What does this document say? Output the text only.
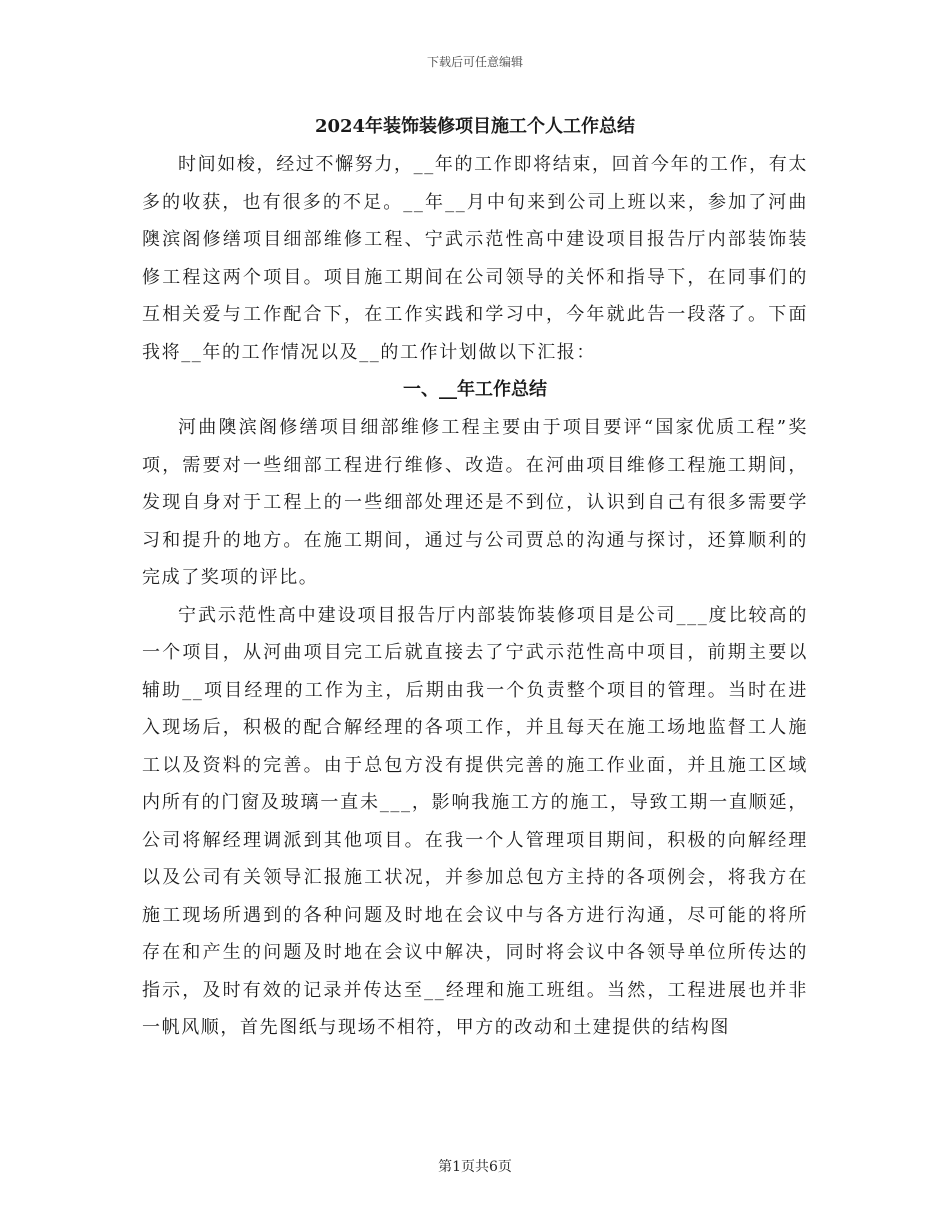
下载后可任意编辑
2024年装饰装修项目施工个人工作总结

时间如梭，经过不懈努力，__年的工作即将结束，回首今年的工作，有太多的收获，也有很多的不足。__年__月中旬来到公司上班以来，参加了河曲隩滨阁修缮项目细部维修工程、宁武示范性高中建设项目报告厅内部装饰装修工程这两个项目。项目施工期间在公司领导的关怀和指导下，在同事们的互相关爱与工作配合下，在工作实践和学习中，今年就此告一段落了。下面我将__年的工作情况以及__的工作计划做以下汇报：

一、__年工作总结

河曲隩滨阁修缮项目细部维修工程主要由于项目要评“国家优质工程”奖项，需要对一些细部工程进行维修、改造。在河曲项目维修工程施工期间，发现自身对于工程上的一些细部处理还是不到位，认识到自己有很多需要学习和提升的地方。在施工期间，通过与公司贾总的沟通与探讨，还算顺利的完成了奖项的评比。

宁武示范性高中建设项目报告厅内部装饰装修项目是公司___度比较高的一个项目，从河曲项目完工后就直接去了宁武示范性高中项目，前期主要以辅助__项目经理的工作为主，后期由我一个负责整个项目的管理。当时在进入现场后，积极的配合解经理的各项工作，并且每天在施工场地监督工人施工以及资料的完善。由于总包方没有提供完善的施工作业面，并且施工区域内所有的门窗及玻璃一直未___，影响我施工方的施工，导致工期一直顺延，公司将解经理调派到其他项目。在我一个人管理项目期间，积极的向解经理以及公司有关领导汇报施工状况，并参加总包方主持的各项例会，将我方在施工现场所遇到的各种问题及时地在会议中与各方进行沟通，尽可能的将所存在和产生的问题及时地在会议中解决，同时将会议中各领导单位所传达的指示，及时有效的记录并传达至__经理和施工班组。当然，工程进展也并非一帆风顺，首先图纸与现场不相符，甲方的改动和土建提供的结构图

第1页共6页
